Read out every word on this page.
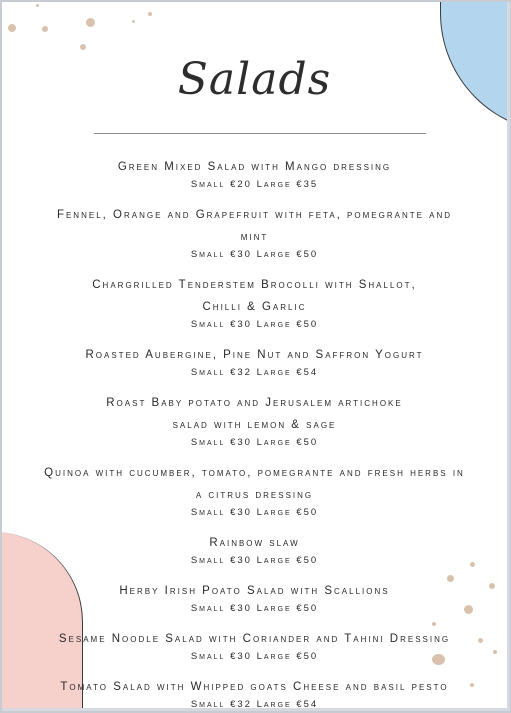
Salads
Green Mixed Salad with Mango dressing
Small €20 Large €35
Fennel, Orange and Grapefruit with feta, pomegrante and mint
Small €30 Large €50
Chargrilled Tenderstem Brocolli with Shallot, Chilli & Garlic
Small €30 Large €50
Roasted Aubergine, Pine Nut and Saffron Yogurt
Small €32 Large €54
Roast Baby potato and Jerusalem artichoke salad with lemon & sage
Small €30 Large €50
Quinoa with cucumber, tomato, pomegrante and fresh herbs in a citrus dressing
Small €30 Large €50
Rainbow slaw
Small €30 Large €50
Herby Irish Poato Salad with Scallions
Small €30 Large €50
Sesame Noodle Salad with Coriander and Tahini Dressing
Small €30 Large €50
Tomato Salad with Whipped goats Cheese and basil pesto
Small €32 Large €54
